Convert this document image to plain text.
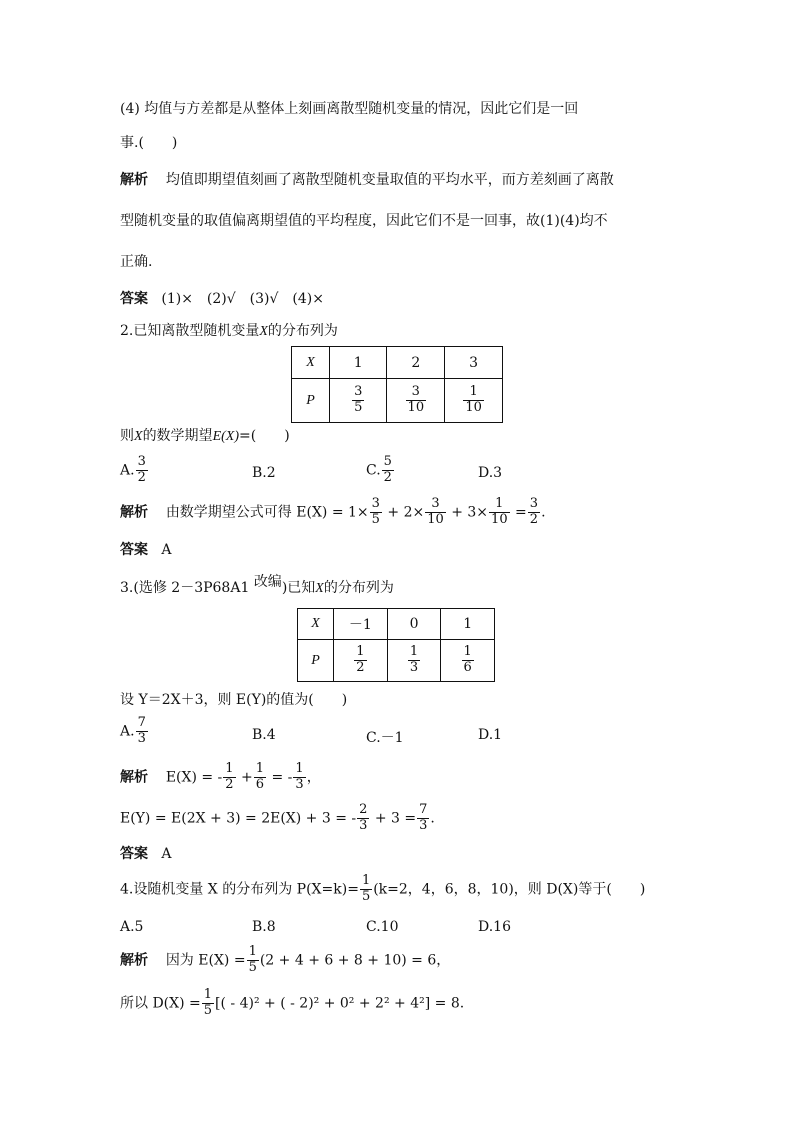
(4) 均值与方差都是从整体上刻画离散型随机变量的情况，因此它们是一回
事.(　　)
解析 均值即期望值刻画了离散型随机变量取值的平均水平，而方差刻画了离散
型随机变量的取值偏离期望值的平均程度，因此它们不是一回事，故(1)(4)均不
正确.
答案 (1)×　(2)√　(3)√　(4)×
2.已知离散型随机变量X的分布列为
X	1	2	3
P	$\frac{3}{5}$	$\frac{3}{10}$	$\frac{1}{10}$
则X的数学期望E(X)=(　　)
A. $\frac{3}{2}$	B.2	C. $\frac{5}{2}$	D.3
解析 由数学期望公式可得 $E(X) = 1\times \frac{3}{5} + 2\times \frac{3}{10} + 3\times \frac{1}{10} = \frac{3}{2}$ .
答案 A
3.(选修 2－3P68A1 改编)已知X的分布列为
X	－1	0	1
P	$\frac{1}{2}$	$\frac{1}{3}$	$\frac{1}{6}$
设 Y＝2X＋3，则 E(Y)的值为(　　)
A. $\frac{7}{3}$	B.4	C.－1	D.1
解析 E(X) = - $\frac{1}{2} + \frac{1}{6}$ = - $\frac{1}{3}$ ，
E(Y) = E(2X + 3) = 2E(X) + 3 = - $\frac{2}{3} + 3 = \frac{7}{3}$ .
答案 A
4.设随机变量 X 的分布列为 $P(X=k)= \frac{1}{5} (k=2$，4，6，8，10)，则 D(X)等于(　　)
A.5	B.8	C.10	D.16
解析 因为 $E(X) = \frac{1}{5} (2 + 4 + 6 + 8 + 10) = 6$，
所以 $D(X) = \frac{1}{5}$ [( - 4)² + ( - 2)² + 0² + 2² + 4²] = 8.
